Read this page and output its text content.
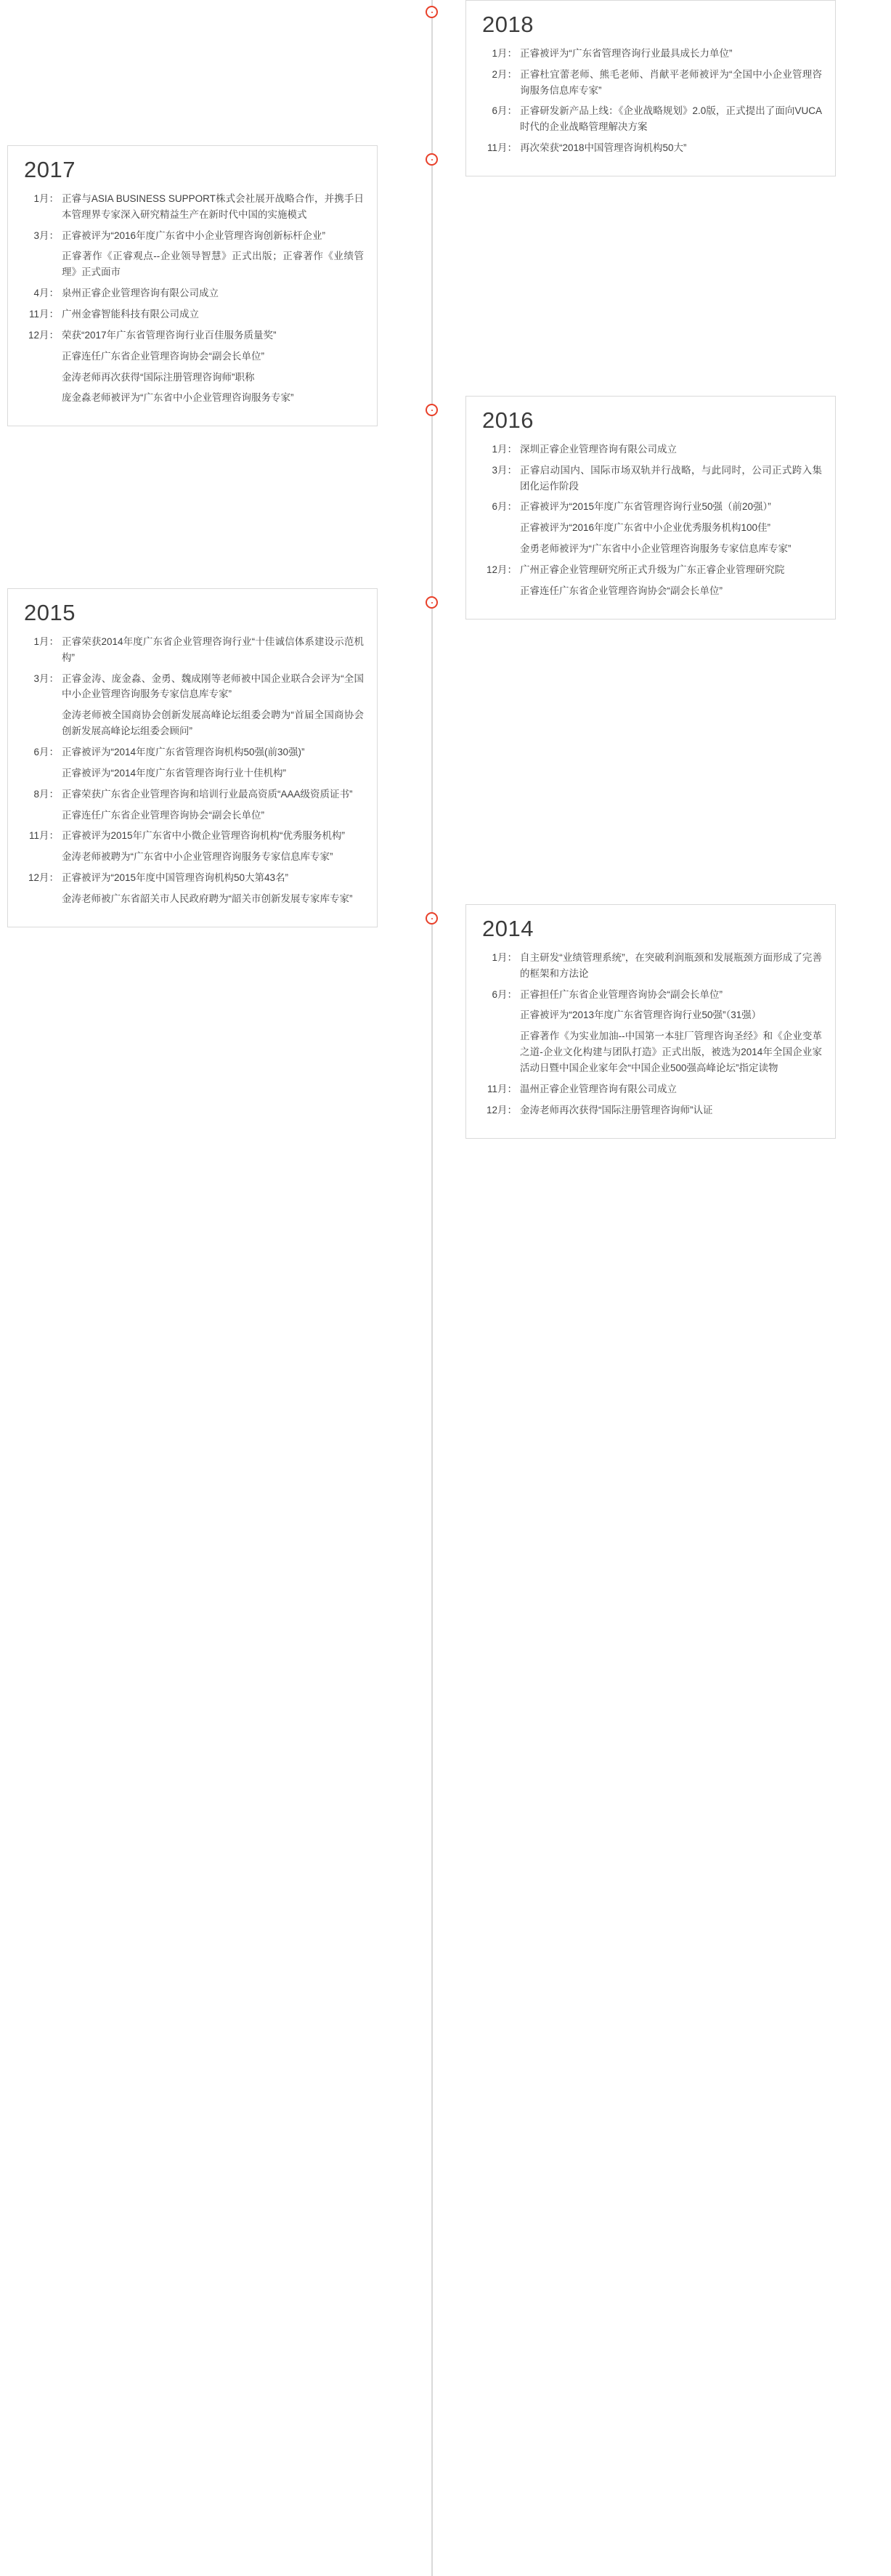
2018
1月： 正睿被评为“广东省管理咨询行业最具成长力单位”
2月： 正睿杜宜蕾老师、熊毛老师、肖献平老师被评为“全国中小企业管理咨询服务信息库专家”
6月： 正睿研发新产品上线：《企业战略规划》2.0版，正式提出了面向VUCA时代的企业战略管理解决方案
11月： 再次荣获“2018中国管理咨询机构50大”
2017
1月： 正睿与ASIA BUSINESS SUPPORT株式会社展开战略合作，并携手日本管理界专家深入研究精益生产在新时代中国的实施模式
3月： 正睿被评为“2016年度广东省中小企业管理咨询创新标杆企业”
正睿著作《正睿观点--企业领导智慧》正式出版；正睿著作《业绩管理》正式面市
4月： 泉州正睿企业管理咨询有限公司成立
11月： 广州金睿智能科技有限公司成立
12月： 荣获“2017年广东省管理咨询行业百佳服务质量奖”
正睿连任广东省企业管理咨询协会“副会长单位”
金涛老师再次获得“国际注册管理咨询师”职称
庞金淼老师被评为“广东省中小企业管理咨询服务专家”
2016
1月： 深圳正睿企业管理咨询有限公司成立
3月： 正睿启动国内、国际市场双轨并行战略，与此同时，公司正式跨入集团化运作阶段
6月： 正睿被评为“2015年度广东省管理咨询行业50强（前20强）”
正睿被评为“2016年度广东省中小企业优秀服务机构100佳”
金勇老师被评为“广东省中小企业管理咨询服务专家信息库专家”
12月： 广州正睿企业管理研究所正式升级为广东正睿企业管理研究院
正睿连任广东省企业管理咨询协会“副会长单位”
2015
1月： 正睿荣获2014年度广东省企业管理咨询行业“十佳诚信体系建设示范机构”
3月： 正睿金涛、庞金淼、金勇、魏成刚等老师被中国企业联合会评为“全国中小企业管理咨询服务专家信息库专家”
金涛老师被全国商协会创新发展高峰论坛组委会聘为“首届全国商协会创新发展高峰论坛组委会顾问”
6月： 正睿被评为“2014年度广东省管理咨询机构50强(前30强)”
正睿被评为“2014年度广东省管理咨询行业十佳机构”
8月： 正睿荣获广东省企业管理咨询和培训行业最高资质“AAA级资质证书”
正睿连任广东省企业管理咨询协会“副会长单位”
11月： 正睿被评为2015年广东省中小微企业管理咨询机构“优秀服务机构”
金涛老师被聘为“广东省中小企业管理咨询服务专家信息库专家”
12月： 正睿被评为“2015年度中国管理咨询机构50大第43名”
金涛老师被广东省韶关市人民政府聘为“韶关市创新发展专家库专家”
2014
1月： 自主研发“业绩管理系统”，在突破利润瓶颈和发展瓶颈方面形成了完善的框架和方法论
6月： 正睿担任广东省企业管理咨询协会“副会长单位”
正睿被评为“2013年度广东省管理咨询行业50强”（31强）
正睿著作《为实业加油--中国第一本驻厂管理咨询圣经》和《企业变革之道-企业文化构建与团队打造》正式出版，被选为2014年全国企业家活动日暨中国企业家年会“中国企业500强高峰论坛”指定读物
11月： 温州正睿企业管理咨询有限公司成立
12月： 金涛老师再次获得“国际注册管理咨询师”认证
